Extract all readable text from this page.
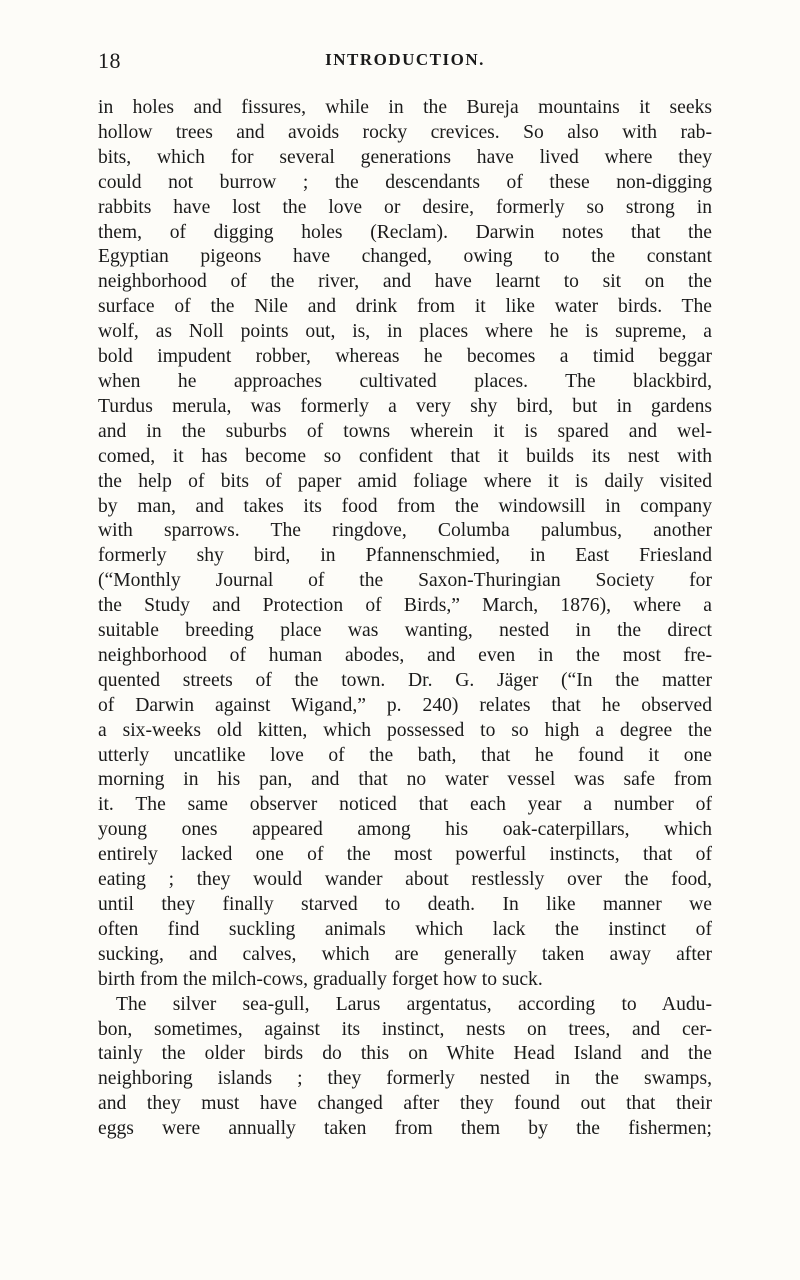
18	INTRODUCTION.

in holes and fissures, while in the Bureja mountains it seeks
hollow trees and avoids rocky crevices. So also with rab-
bits, which for several generations have lived where they
could not burrow ; the descendants of these non-digging
rabbits have lost the love or desire, formerly so strong in
them, of digging holes (Reclam). Darwin notes that the
Egyptian pigeons have changed, owing to the constant
neighborhood of the river, and have learnt to sit on the
surface of the Nile and drink from it like water birds. The
wolf, as Noll points out, is, in places where he is supreme, a
bold impudent robber, whereas he becomes a timid beggar
when he approaches cultivated places. The blackbird,
Turdus merula, was formerly a very shy bird, but in gardens
and in the suburbs of towns wherein it is spared and wel-
comed, it has become so confident that it builds its nest with
the help of bits of paper amid foliage where it is daily visited
by man, and takes its food from the windowsill in company
with sparrows. The ringdove, Columba palumbus, another
formerly shy bird, in Pfannenschmied, in East Friesland
(“Monthly Journal of the Saxon-Thuringian Society for
the Study and Protection of Birds,” March, 1876), where a
suitable breeding place was wanting, nested in the direct
neighborhood of human abodes, and even in the most fre-
quented streets of the town. Dr. G. Jäger (“In the matter
of Darwin against Wigand,” p. 240) relates that he observed
a six-weeks old kitten, which possessed to so high a degree the
utterly uncatlike love of the bath, that he found it one
morning in his pan, and that no water vessel was safe from
it. The same observer noticed that each year a number of
young ones appeared among his oak-caterpillars, which
entirely lacked one of the most powerful instincts, that of
eating ; they would wander about restlessly over the food,
until they finally starved to death. In like manner we
often find suckling animals which lack the instinct of
sucking, and calves, which are generally taken away after
birth from the milch-cows, gradually forget how to suck.

The silver sea-gull, Larus argentatus, according to Audu-
bon, sometimes, against its instinct, nests on trees, and cer-
tainly the older birds do this on White Head Island and the
neighboring islands ; they formerly nested in the swamps,
and they must have changed after they found out that their
eggs were annually taken from them by the fishermen;
